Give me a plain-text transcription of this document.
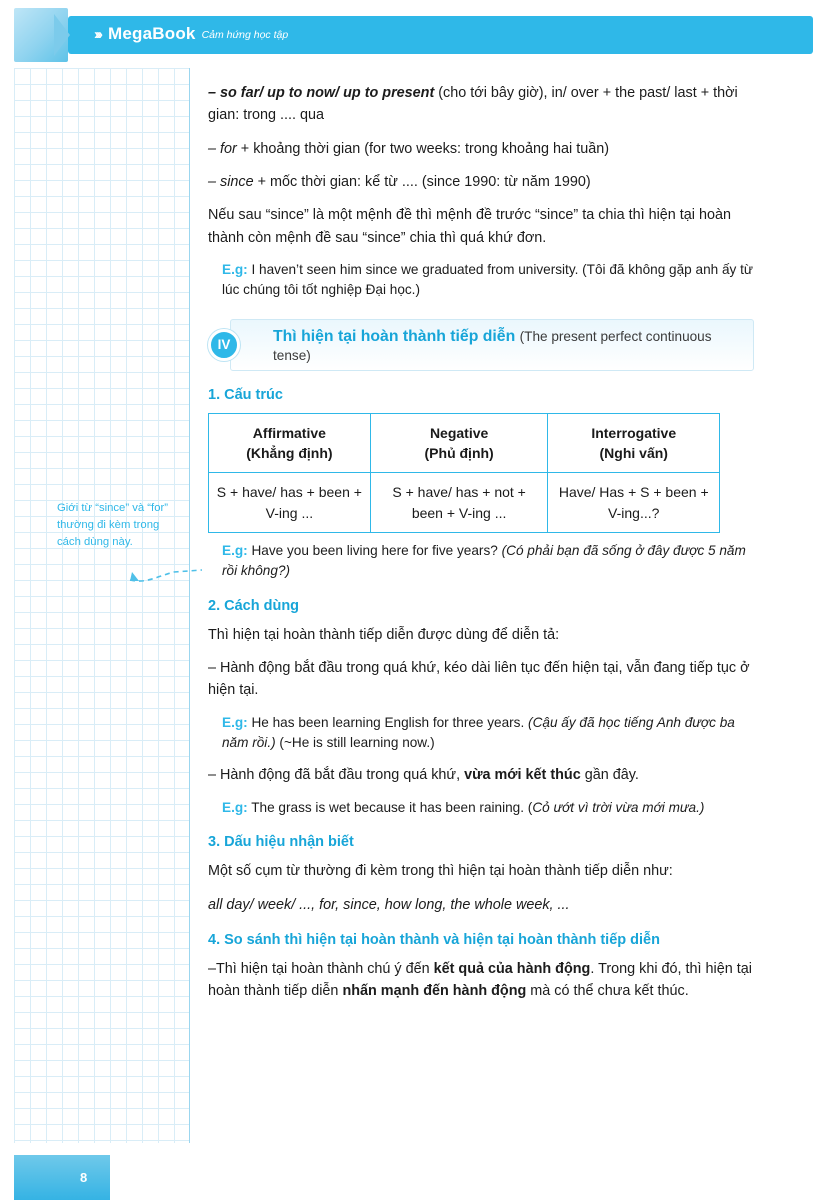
››› MegaBook Cảm hứng học tập
Giới từ “since” và “for” thường đi kèm trong cách dùng này.

– so far/ up to now/ up to present (cho tới bây giờ), in/ over + the past/ last + thời gian: trong .... qua

– for + khoảng thời gian (for two weeks: trong khoảng hai tuần)

– since + mốc thời gian: kể từ .... (since 1990: từ năm 1990)

Nếu sau “since” là một mệnh đề thì mệnh đề trước “since” ta chia thì hiện tại hoàn thành còn mệnh đề sau “since” chia thì quá khứ đơn.

E.g: I haven’t seen him since we graduated from university. (Tôi đã không gặp anh ấy từ lúc chúng tôi tốt nghiệp Đại học.)

Thì hiện tại hoàn thành tiếp diễn (The present perfect continuous tense)
IV
1. Cấu trúc
Affirmative
(Khẳng định)	Negative
(Phủ định)	Interrogative
(Nghi vấn)
S + have/ has + been + V-ing ...	S + have/ has + not + been + V-ing ...	Have/ Has + S + been + V-ing...?

E.g: Have you been living here for five years? (Có phải bạn đã sống ở đây được 5 năm rồi không?)

2. Cách dùng

Thì hiện tại hoàn thành tiếp diễn được dùng để diễn tả:

– Hành động bắt đầu trong quá khứ, kéo dài liên tục đến hiện tại, vẫn đang tiếp tục ở hiện tại.

E.g: He has been learning English for three years. (Cậu ấy đã học tiếng Anh được ba năm rồi.) (~He is still learning now.)

– Hành động đã bắt đầu trong quá khứ, vừa mới kết thúc gần đây.

E.g: The grass is wet because it has been raining. (Cỏ ướt vì trời vừa mới mưa.)

3. Dấu hiệu nhận biết

Một số cụm từ thường đi kèm trong thì hiện tại hoàn thành tiếp diễn như:

all day/ week/ ..., for, since, how long, the whole week, ...

4. So sánh thì hiện tại hoàn thành và hiện tại hoàn thành tiếp diễn

–Thì hiện tại hoàn thành chú ý đến kết quả của hành động. Trong khi đó, thì hiện tại hoàn thành tiếp diễn nhấn mạnh đến hành động mà có thể chưa kết thúc.

8
